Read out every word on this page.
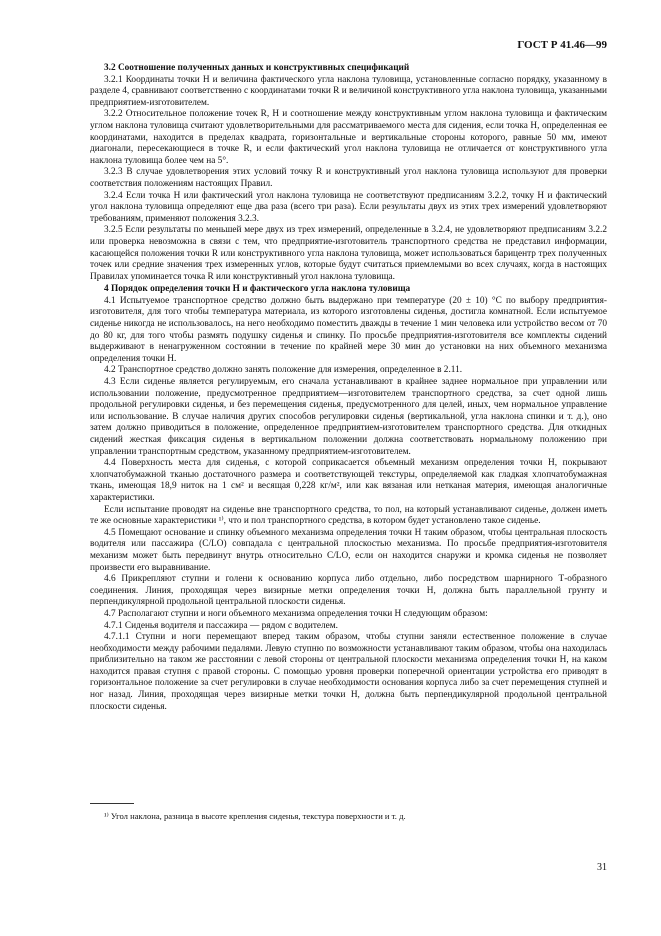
ГОСТ Р 41.46—99

3.2 Соотношение полученных данных и конструктивных спецификаций

3.2.1 Координаты точки Н и величина фактического угла наклона туловища, установленные согласно порядку, указанному в разделе 4, сравнивают соответственно с координатами точки R и величиной конструктивного угла наклона туловища, указанными предприятием-изготовителем.

3.2.2 Относительное положение точек R, Н и соотношение между конструктивным углом наклона туловища и фактическим углом наклона туловища считают удовлетворительными для рассматриваемого места для сидения, если точка Н, определенная ее координатами, находится в пределах квадрата, горизонтальные и вертикальные стороны которого, равные 50 мм, имеют диагонали, пересекающиеся в точке R, и если фактический угол наклона туловища не отличается от конструктивного угла наклона туловища более чем на 5°.

3.2.3 В случае удовлетворения этих условий точку R и конструктивный угол наклона туловища используют для проверки соответствия положениям настоящих Правил.

3.2.4 Если точка Н или фактический угол наклона туловища не соответствуют предписаниям 3.2.2, точку Н и фактический угол наклона туловища определяют еще два раза (всего три раза). Если результаты двух из этих трех измерений удовлетворяют требованиям, применяют положения 3.2.3.

3.2.5 Если результаты по меньшей мере двух из трех измерений, определенные в 3.2.4, не удовлетворяют предписаниям 3.2.2 или проверка невозможна в связи с тем, что предприятие-изготовитель транспортного средства не представил информации, касающейся положения точки R или конструктивного угла наклона туловища, может использоваться барицентр трех полученных точек или средние значения трех измеренных углов, которые будут считаться приемлемыми во всех случаях, когда в настоящих Правилах упоминается точка R или конструктивный угол наклона туловища.

4 Порядок определения точки Н и фактического угла наклона туловища

4.1 Испытуемое транспортное средство должно быть выдержано при температуре (20 ± 10) °С по выбору предприятия-изготовителя, для того чтобы температура материала, из которого изготовлены сиденья, достигла комнатной. Если испытуемое сиденье никогда не использовалось, на него необходимо поместить дважды в течение 1 мин человека или устройство весом от 70 до 80 кг, для того чтобы размять подушку сиденья и спинку. По просьбе предприятия-изготовителя все комплекты сидений выдерживают в ненагруженном состоянии в течение по крайней мере 30 мин до установки на них объемного механизма определения точки Н.

4.2 Транспортное средство должно занять положение для измерения, определенное в 2.11.

4.3 Если сиденье является регулируемым, его сначала устанавливают в крайнее заднее нормальное при управлении или использовании положение, предусмотренное предприятием—изготовителем транспортного средства, за счет одной лишь продольной регулировки сиденья, и без перемещения сиденья, предусмотренного для целей, иных, чем нормальное управление или использование. В случае наличия других способов регулировки сиденья (вертикальной, угла наклона спинки и т. д.), оно затем должно приводиться в положение, определенное предприятием-изготовителем транспортного средства. Для откидных сидений жесткая фиксация сиденья в вертикальном положении должна соответствовать нормальному положению при управлении транспортным средством, указанному предприятием-изготовителем.

4.4 Поверхность места для сиденья, с которой соприкасается объемный механизм определения точки Н, покрывают хлопчатобумажной тканью достаточного размера и соответствующей текстуры, определяемой как гладкая хлопчатобумажная ткань, имеющая 18,9 ниток на 1 см² и весящая 0,228 кг/м², или как вязаная или нетканая материя, имеющая аналогичные характеристики.

Если испытание проводят на сиденье вне транспортного средства, то пол, на который устанавливают сиденье, должен иметь те же основные характеристики ¹⁾, что и пол транспортного средства, в котором будет установлено такое сиденье.

4.5 Помещают основание и спинку объемного механизма определения точки Н таким образом, чтобы центральная плоскость водителя или пассажира (C/LO) совпадала с центральной плоскостью механизма. По просьбе предприятия-изготовителя механизм может быть передвинут внутрь относительно C/LO, если он находится снаружи и кромка сиденья не позволяет произвести его выравнивание.

4.6 Прикрепляют ступни и голени к основанию корпуса либо отдельно, либо посредством шарнирного Т-образного соединения. Линия, проходящая через визирные метки определения точки Н, должна быть параллельной грунту и перпендикулярной продольной центральной плоскости сиденья.

4.7 Располагают ступни и ноги объемного механизма определения точки Н следующим образом:

4.7.1 Сиденья водителя и пассажира — рядом с водителем.

4.7.1.1 Ступни и ноги перемещают вперед таким образом, чтобы ступни заняли естественное положение в случае необходимости между рабочими педалями. Левую ступню по возможности устанавливают таким образом, чтобы она находилась приблизительно на таком же расстоянии с левой стороны от центральной плоскости механизма определения точки Н, на каком находится правая ступня с правой стороны. С помощью уровня проверки поперечной ориентации устройства его приводят в горизонтальное положение за счет регулировки в случае необходимости основания корпуса либо за счет перемещения ступней и ног назад. Линия, проходящая через визирные метки точки Н, должна быть перпендикулярной продольной центральной плоскости сиденья.

¹⁾ Угол наклона, разница в высоте крепления сиденья, текстура поверхности и т. д.
31
